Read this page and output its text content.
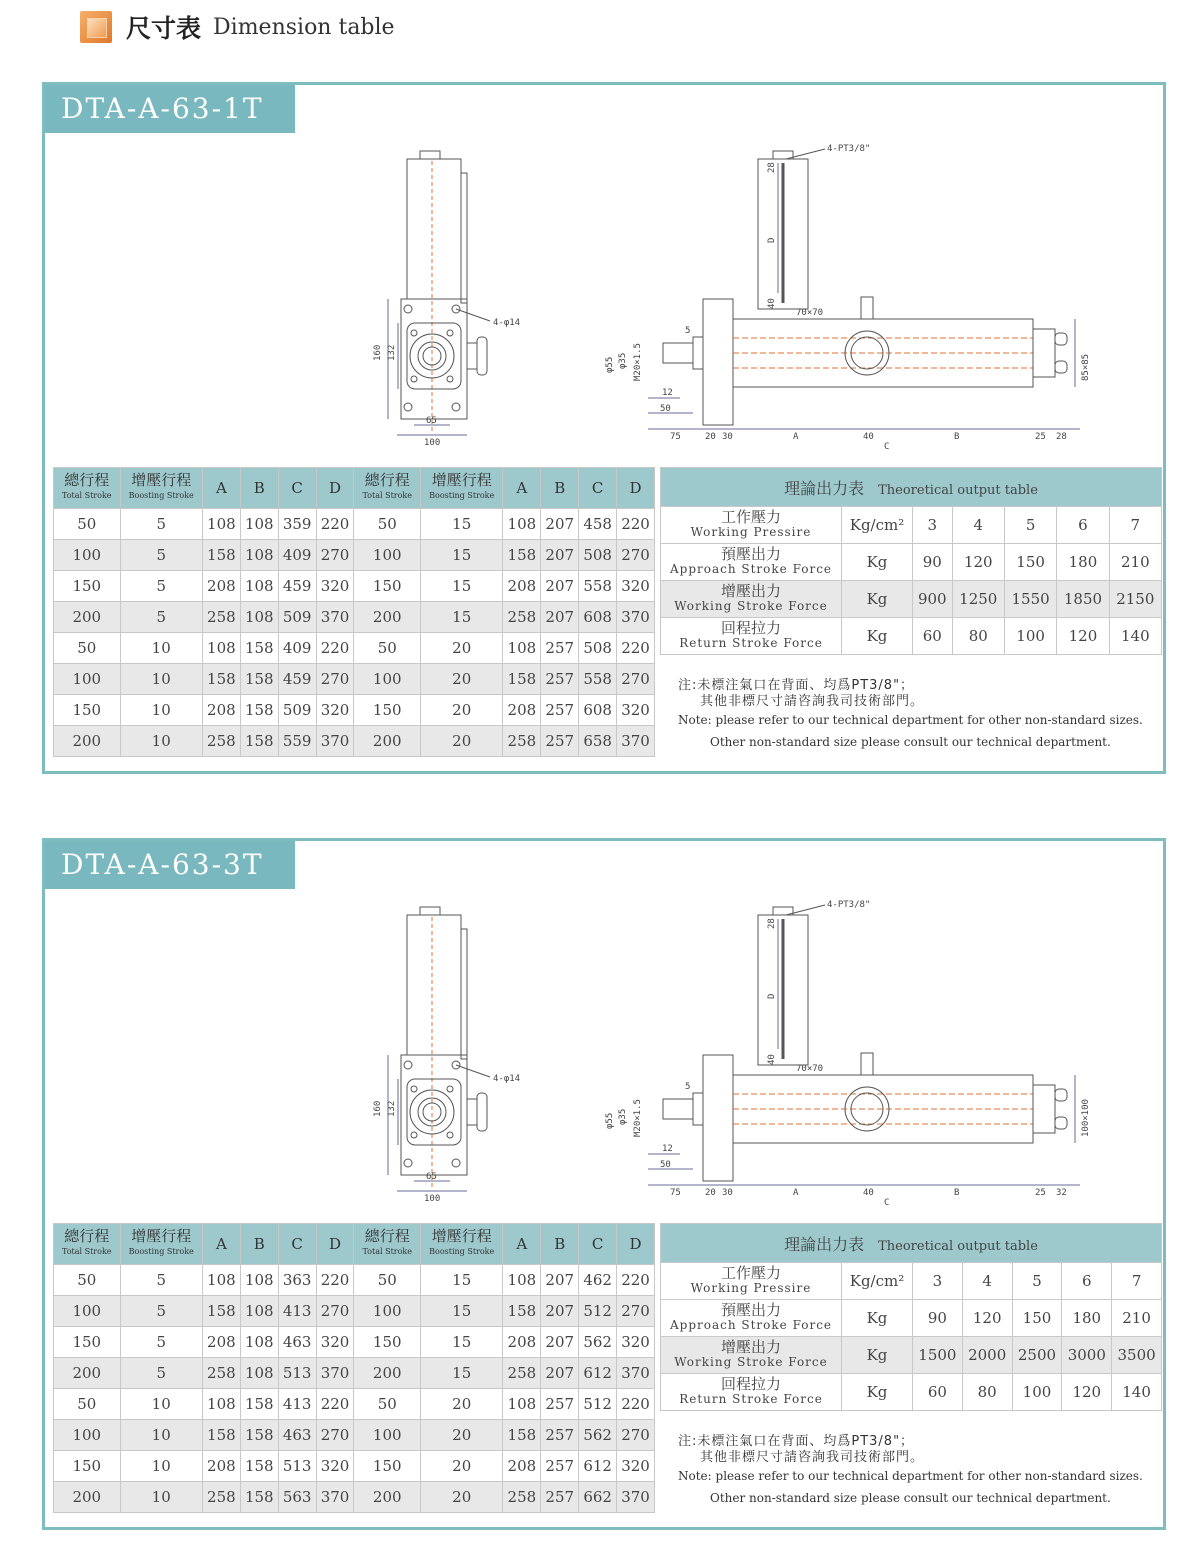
尺寸表 Dimension table
DTA-A-63-1T
4-φ14
160 132
65
100
4-PT3/8"
28
D
40
70×70
5
φ55 φ35 M20×1.5
12
50
75	20 30	A	40
C
B	25 28
85×85
總行程
Total Stroke	增壓行程
Boosting Stroke	A	B	C	D	總行程
Total Stroke	增壓行程
Boosting Stroke	A	B	C	D
50	5	108	108	359	220	50	15	108	207	458	220
100	5	158	108	409	270	100	15	158	207	508	270
150	5	208	108	459	320	150	15	208	207	558	320
200	5	258	108	509	370	200	15	258	207	608	370
50	10	108	158	409	220	50	20	108	257	508	220
100	10	158	158	459	270	100	20	158	257	558	270
150	10	208	158	509	320	150	20	208	257	608	320
200	10	258	158	559	370	200	20	258	257	658	370
理論出力表 Theoretical output table						
工作壓力
Working Pressire	Kg/cm²	3	4	5	6	7
預壓出力
Approach Stroke Force	Kg	90	120	150	180	210
增壓出力
Working Stroke Force	Kg	900	1250	1550	1850	2150
回程拉力
Return Stroke Force	Kg	60	80	100	120	140
注:未標注氣口在背面、均爲PT3/8"；
其他非標尺寸請咨詢我司技術部門。
Note: please refer to our technical department for other non-standard sizes.
Other non-standard size please consult our technical department.
DTA-A-63-3T
4-φ14
160 132
65
100
4-PT3/8"
28
D
40
70×70
5
φ55 φ35 M20×1.5
12
50
75	20 30	A	40
C
B	25 32
100×100
總行程
Total Stroke	增壓行程
Boosting Stroke	A	B	C	D	總行程
Total Stroke	增壓行程
Boosting Stroke	A	B	C	D
50	5	108	108	363	220	50	15	108	207	462	220
100	5	158	108	413	270	100	15	158	207	512	270
150	5	208	108	463	320	150	15	208	207	562	320
200	5	258	108	513	370	200	15	258	207	612	370
50	10	108	158	413	220	50	20	108	257	512	220
100	10	158	158	463	270	100	20	158	257	562	270
150	10	208	158	513	320	150	20	208	257	612	320
200	10	258	158	563	370	200	20	258	257	662	370
理論出力表 Theoretical output table						
工作壓力
Working Pressire	Kg/cm²	3	4	5	6	7
預壓出力
Approach Stroke Force	Kg	90	120	150	180	210
增壓出力
Working Stroke Force	Kg	1500	2000	2500	3000	3500
回程拉力
Return Stroke Force	Kg	60	80	100	120	140
注:未標注氣口在背面、均爲PT3/8"；
其他非標尺寸請咨詢我司技術部門。
Note: please refer to our technical department for other non-standard sizes.
Other non-standard size please consult our technical department.
